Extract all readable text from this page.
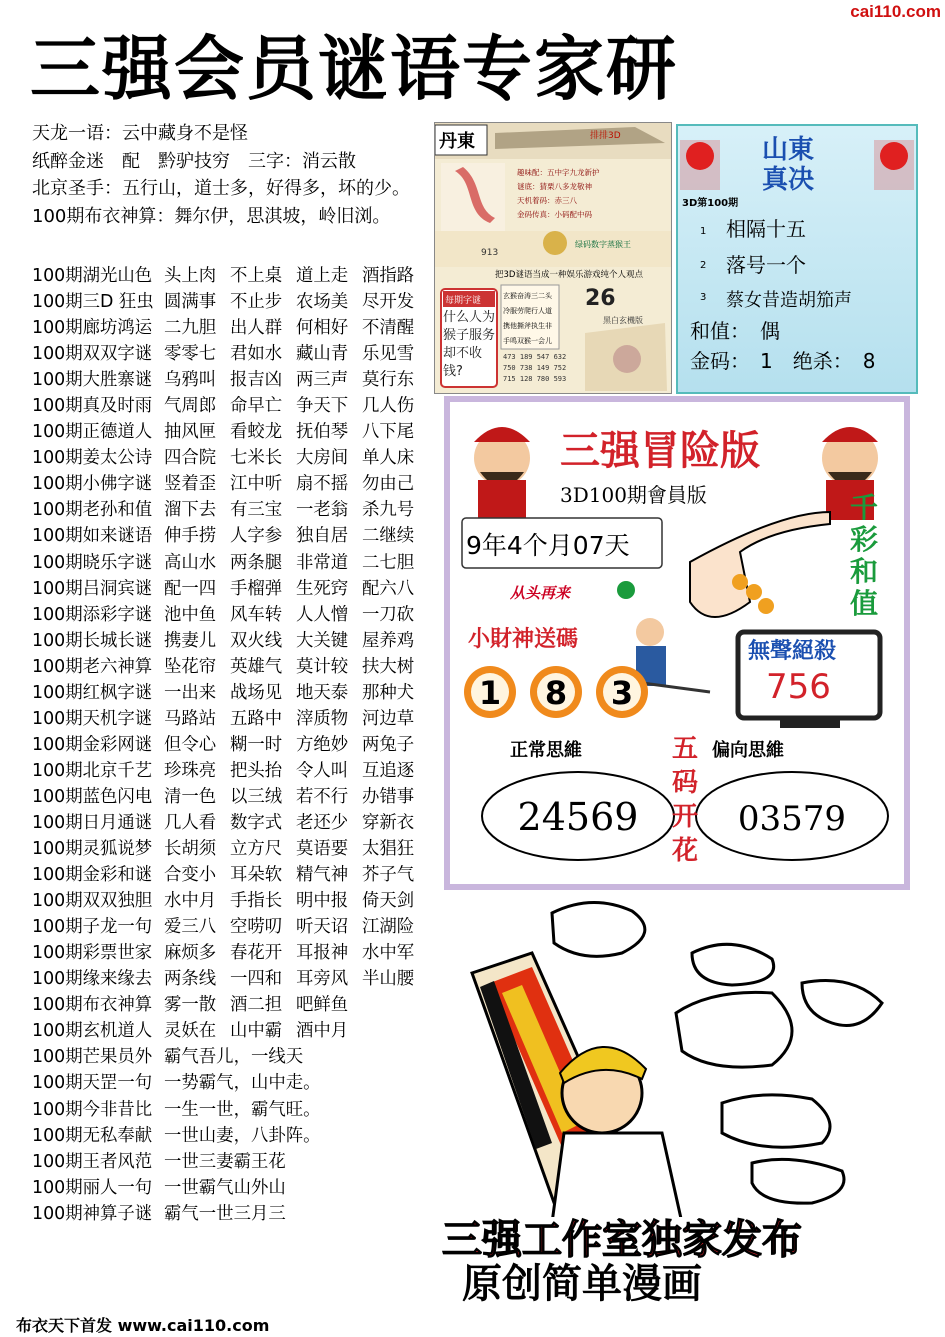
cai110.com
三强会员谜语专家研
天龙一语：云中藏身不是怪
纸醉金迷　配　黔驴技穷　三字：消云散
北京圣手：五行山，道士多，好得多，坏的少。
100期布衣神算：舞尔伊，思淇坡，岭旧浏。
100期湖光山色 头上肉 不上桌 道上走 酒指路
100期三D 狂虫 圆满事 不止步 农场美 尽开发
100期廊坊鸿运 二九胆 出人群 何相好 不清醒
100期双双字谜 零零七 君如水 藏山青 乐见雪
100期大胜寨谜 乌鸦叫 报吉凶 两三声 莫行东
100期真及时雨 气周郎 命早亡 争天下 几人伤
100期正德道人 抽风匣 看蛟龙 抚伯琴 八下尾
100期姜太公诗 四合院 七米长 大房间 单人床
100期小佛字谜 竖着歪 江中听 扇不摇 勿由己
100期老孙和值 溜下去 有三宝 一老翁 杀九号
100期如来谜语 伸手捞 人字参 独自居 二继续
100期晓乐字谜 高山水 两条腿 非常道 二七胆
100期吕洞宾谜 配一四 手榴弹 生死窍 配六八
100期添彩字谜 池中鱼 风车转 人人憎 一刀砍
100期长城长谜 携妻儿 双火线 大关键 屋养鸡
100期老六神算 坠花帘 英雄气 莫计较 扶大树
100期红枫字谜 一出来 战场见 地天泰 那种犬
100期天机字谜 马路站 五路中 滓质物 河边草
100期金彩网谜 但令心 糊一时 方绝妙 两兔子
100期北京千艺 珍珠亮 把头抬 令人叫 互追逐
100期蓝色闪电 清一色 以三绒 若不行 办错事
100期日月通谜 几人看 数字式 老还少 穿新衣
100期灵狐说梦 长胡须 立方尺 莫语要 太猖狂
100期金彩和谜 合变小 耳朵软 精气神 芥子气
100期双双独胆 水中月 手指长 明中报 倚天剑
100期子龙一句 爱三八 空唠叨 听天诏 江湖险
100期彩票世家 麻烦多 春花开 耳报神 水中军
100期缘来缘去 两条线 一四和 耳旁风 半山腰
100期布衣神算 雾一散 酒二担 吧鲜鱼
100期玄机道人 灵妖在 山中霸 酒中月
100期芒果员外 霸气吾儿，一线天
100期天罡一句 一势霸气，山中走。
100期今非昔比 一生一世，霸气旺。
100期无私奉献 一世山妻，八卦阵。
100期王者风范 一世三妻霸王花
100期丽人一句 一世霸气山外山
100期神算子谜 霸气一世三月三
布衣天下首发 www.cai110.com
丹東	排排3D
趣味配：五中字九龙新护
谜底：猜栗八多龙敬神
天机着码：赤三八
金码传真：小码配中码
913
绿码数字蒸猴王
把3D谜语当成一种娱乐游戏纯个人观点
每期字谜
什么人为猴子服务却不收钱?
玄猴奋涛三二头
冷服劳爬行人道
携他撕斧执生非
手鸣双猴一会儿
473 189 547 632
750 738 149 752
715 128 780 593
26
黑白玄機版
山東
真决
3D第100期
1 相隔十五
2 落号一个
3 蔡女昔造胡笳声
和值：　偶
金码：　1　绝杀：　8
三强冒险版
3D100期會員版
9年4个月07天
从头再来
千彩和值
小財神送碼
1 8 3
無聲絕殺
756
正常思維	偏向思維
24569	03579
五码开花
三强工作室独家发布
原创简单漫画
